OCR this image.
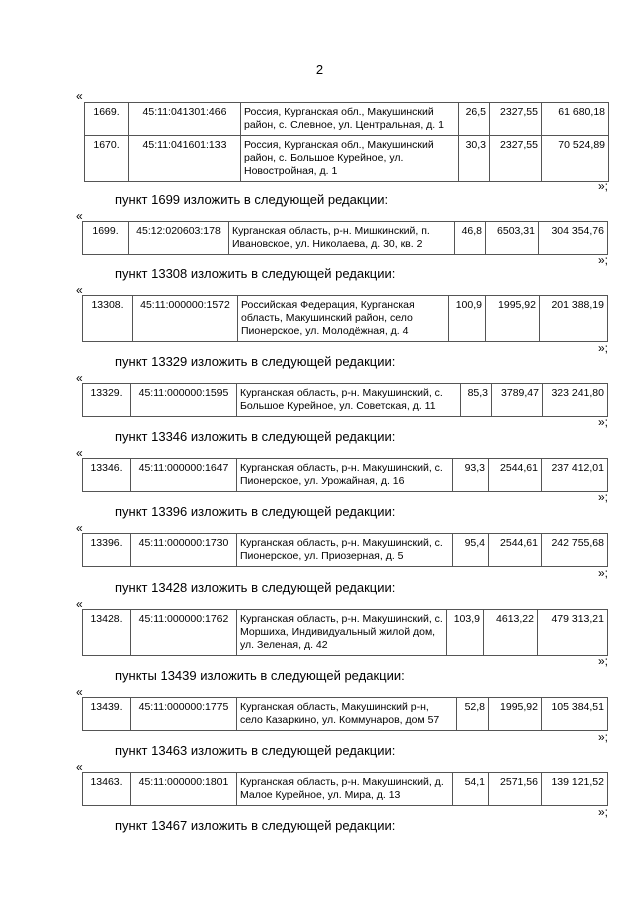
2
«
1669.	45:11:041301:466	Россия, Курганская обл., Макушинский район, с. Слевное, ул. Центральная, д. 1	26,5	2327,55	61 680,18
1670.	45:11:041601:133	Россия, Курганская обл., Макушинский район, с. Большое Курейное, ул. Новостройная, д. 1	30,3	2327,55	70 524,89
»;
пункт 1699 изложить в следующей редакции:
«
1699.	45:12:020603:178	Курганская область, р-н. Мишкинский, п. Ивановское, ул. Николаева, д. 30, кв. 2	46,8	6503,31	304 354,76
»;
пункт 13308 изложить в следующей редакции:
«
13308.	45:11:000000:1572	Российская Федерация, Курганская область, Макушинский район, село Пионерское, ул. Молодёжная, д. 4	100,9	1995,92	201 388,19
»;
пункт 13329 изложить в следующей редакции:
«
13329.	45:11:000000:1595	Курганская область, р-н. Макушинский, с. Большое Курейное, ул. Советская, д. 11	85,3	3789,47	323 241,80
»;
пункт 13346 изложить в следующей редакции:
«
13346.	45:11:000000:1647	Курганская область, р-н. Макушинский, с. Пионерское, ул. Урожайная, д. 16	93,3	2544,61	237 412,01
»;
пункт 13396 изложить в следующей редакции:
«
13396.	45:11:000000:1730	Курганская область, р-н. Макушинский, с. Пионерское, ул. Приозерная, д. 5	95,4	2544,61	242 755,68
»;
пункт 13428 изложить в следующей редакции:
«
13428.	45:11:000000:1762	Курганская область, р-н. Макушинский, с. Моршиха, Индивидуальный жилой дом, ул. Зеленая, д. 42	103,9	4613,22	479 313,21
»;
пункты 13439 изложить в следующей редакции:
«
13439.	45:11:000000:1775	Курганская область, Макушинский р-н, село Казаркино, ул. Коммунаров, дом 57	52,8	1995,92	105 384,51
»;
пункт 13463 изложить в следующей редакции:
«
13463.	45:11:000000:1801	Курганская область, р-н. Макушинский, д. Малое Курейное, ул. Мира, д. 13	54,1	2571,56	139 121,52
»;
пункт 13467 изложить в следующей редакции:
